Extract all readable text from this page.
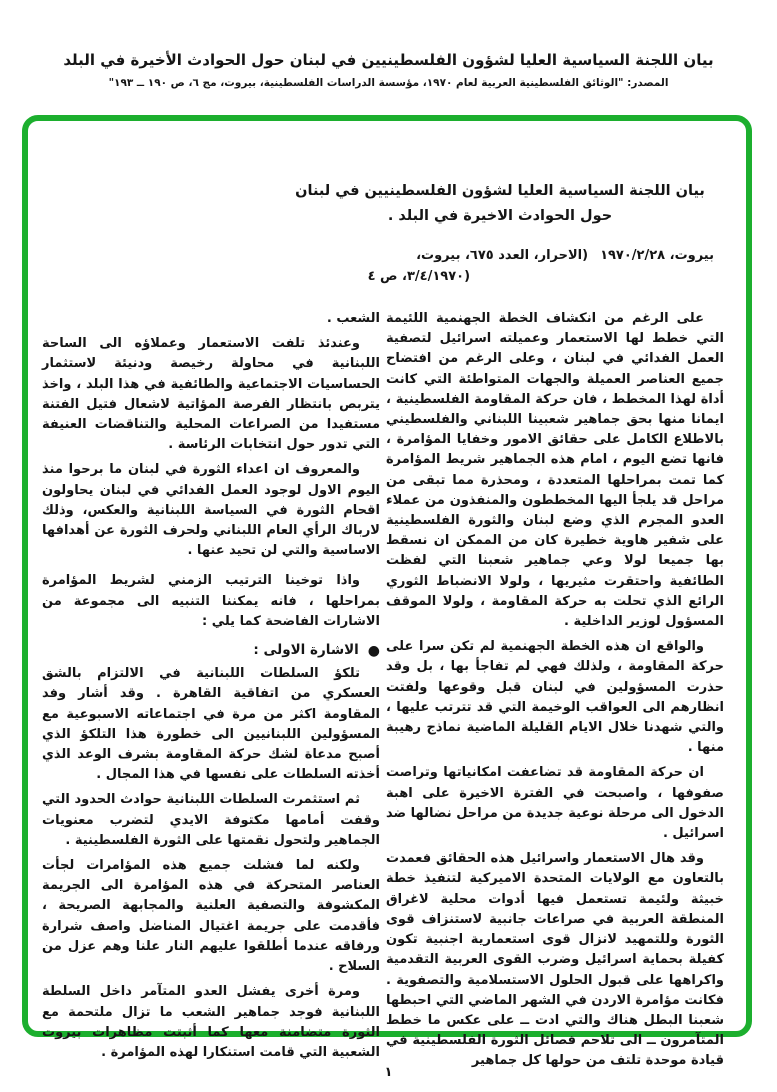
بيان اللجنة السياسية العليا لشؤون الفلسطينيين في لبنان حول الحوادث الأخيرة في البلد
المصدر: "الوثائق الفلسطينية العربية لعام ١٩٧٠، مؤسسة الدراسات الفلسطينية، بيروت، مج ٦، ص ١٩٠ ــ ١٩٣"
بيان اللجنة السياسية العليا لشؤون الفلسطينيين في لبنان
حول الحوادث الاخيرة في البلد .
بيروت، ١٩٧٠/٢/٢٨
(الاحرار، العدد ٦٧٥، بيروت،
٣/٤/١٩٧٠، ص ٤)

على الرغم من انكشاف الخطة الجهنمية اللئيمة التي خطط لها الاستعمار وعميلته اسرائيل لتصفية العمل الفدائي في لبنان ، وعلى الرغم من افتضاح جميع العناصر العميلة والجهات المتواطئة التي كانت أداة لهذا المخطط ، فان حركة المقاومة الفلسطينية ، ايمانا منها بحق جماهير شعبينا اللبناني والفلسطيني بالاطلاع الكامل على حقائق الامور وخفايا المؤامرة ، فانها تضع اليوم ، امام هذه الجماهير شريط المؤامرة كما تمت بمراحلها المتعددة ، ومحذرة مما تبقى من مراحل قد يلجأ اليها المخططون والمنفذون من عملاء العدو المجرم الذي وضع لبنان والثورة الفلسطينية على شفير هاوية خطيرة كان من الممكن ان نسقط بها جميعا لولا وعي جماهير شعبنا التي لفظت الطائفية واحتقرت مثيريها ، ولولا الانضباط الثوري الرائع الذي تحلت به حركة المقاومة ، ولولا الموقف المسؤول لوزير الداخلية .

والواقع ان هذه الخطة الجهنمية لم تكن سرا على حركة المقاومة ، ولذلك فهي لم تفاجأ بها ، بل وقد حذرت المسؤولين في لبنان قبل وقوعها ولفتت انظارهم الى العواقب الوخيمة التي قد تترتب عليها ، والتي شهدنا خلال الايام القليلة الماضية نماذج رهيبة منها .

ان حركة المقاومة قد تضاعفت امكانياتها وتراصت صفوفها ، واصبحت في الفترة الاخيرة على اهبة الدخول الى مرحلة نوعية جديدة من مراحل نضالها ضد اسرائيل .

وقد هال الاستعمار واسرائيل هذه الحقائق فعمدت بالتعاون مع الولايات المتحدة الاميركية لتنفيذ خطة خبيثة ولئيمة تستعمل فيها أدوات محلية لاغراق المنطقة العربية في صراعات جانبية لاستنزاف قوى الثورة وللتمهيد لانزال قوى استعمارية اجنبية تكون كفيلة بحماية اسرائيل وضرب القوى العربية التقدمية واكراهها على قبول الحلول الاستسلامية والتصفوية . فكانت مؤامرة الاردن في الشهر الماضي التي احبطها شعبنا البطل هناك والتي ادت ــ على عكس ما خطط المتآمرون ــ الى تلاحم فصائل الثورة الفلسطينية في قيادة موحدة تلتف من حولها كل جماهير

الشعب .

وعندئذ تلفت الاستعمار وعملاؤه الى الساحة اللبنانية في محاولة رخيصة ودنيئة لاستثمار الحساسيات الاجتماعية والطائفية في هذا البلد ، واخذ يتربص بانتظار الفرصة المؤاتية لاشعال فتيل الفتنة مستفيدا من الصراعات المحلية والتناقضات العنيفة التي تدور حول انتخابات الرئاسة .

والمعروف ان اعداء الثورة في لبنان ما برحوا منذ اليوم الاول لوجود العمل الفدائي في لبنان يحاولون اقحام الثورة في السياسة اللبنانية والعكس، وذلك لارباك الرأي العام اللبناني ولحرف الثورة عن أهدافها الاساسية والتي لن تحيد عنها .

واذا توخينا الترتيب الزمني لشريط المؤامرة بمراحلها ، فانه يمكننا التنبيه الى مجموعة من الاشارات الفاضحة كما يلي :

●الاشارة الاولى :

تلكؤ السلطات اللبنانية في الالتزام بالشق العسكري من اتفاقية القاهرة . وقد أشار وفد المقاومة اكثر من مرة في اجتماعاته الاسبوعية مع المسؤولين اللبنانيين الى خطورة هذا التلكؤ الذي أصبح مدعاة لشك حركة المقاومة بشرف الوعد الذي أخذته السلطات على نفسها في هذا المجال .

ثم استثمرت السلطات اللبنانية حوادث الحدود التي وقفت أمامها مكتوفة الايدي لتضرب معنويات الجماهير ولتحول نقمتها على الثورة الفلسطينية .

ولكنه لما فشلت جميع هذه المؤامرات لجأت العناصر المتحركة في هذه المؤامرة الى الجريمة المكشوفة والتصفية العلنية والمجابهة الصريحة ، فأقدمت على جريمة اغتيال المناضل واصف شرارة ورفاقه عندما أطلقوا عليهم النار علنا وهم عزل من السلاح .

ومرة أخرى يفشل العدو المتآمر داخل السلطة اللبنانية فوجد جماهير الشعب ما تزال ملتحمة مع الثورة متضامنة معها كما أثبتت مظاهرات بيروت الشعبية التي قامت استنكارا لهذه المؤامرة .

١
